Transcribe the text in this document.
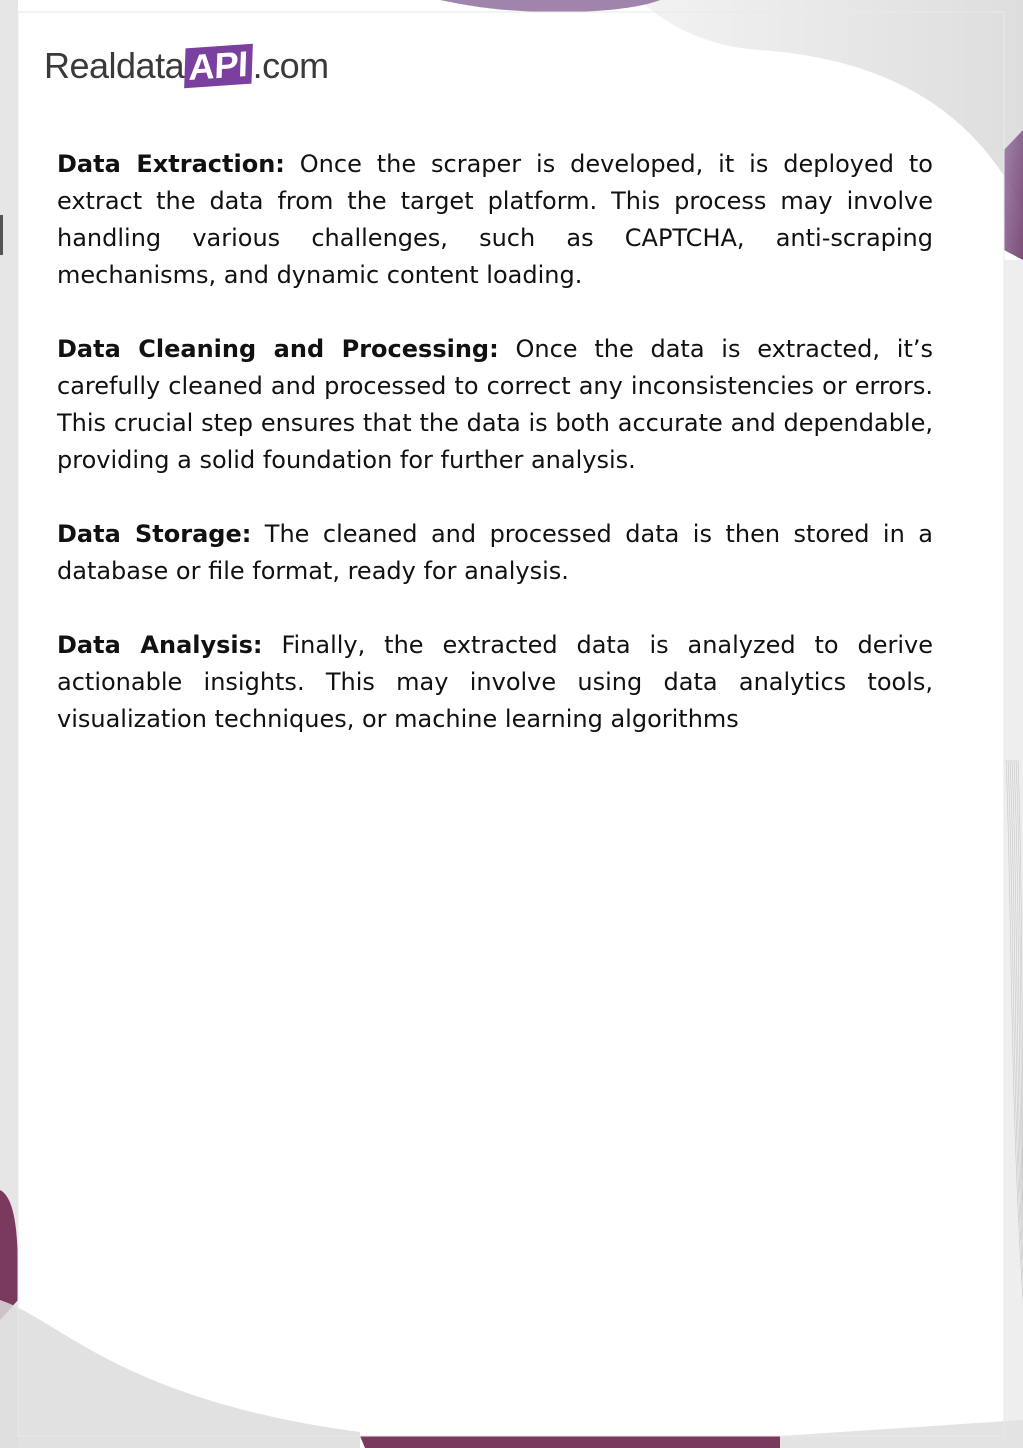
Realdata API .com

Data Extraction: Once the scraper is developed, it is deployed to extract the data from the target platform. This process may involve handling various challenges, such as CAPTCHA, anti-scraping mechanisms, and dynamic content loading.

Data Cleaning and Processing: Once the data is extracted, it’s carefully cleaned and processed to correct any inconsistencies or errors. This crucial step ensures that the data is both accurate and dependable, providing a solid foundation for further analysis.

Data Storage: The cleaned and processed data is then stored in a database or file format, ready for analysis.

Data Analysis: Finally, the extracted data is analyzed to derive actionable insights. This may involve using data analytics tools, visualization techniques, or machine learning algorithms
